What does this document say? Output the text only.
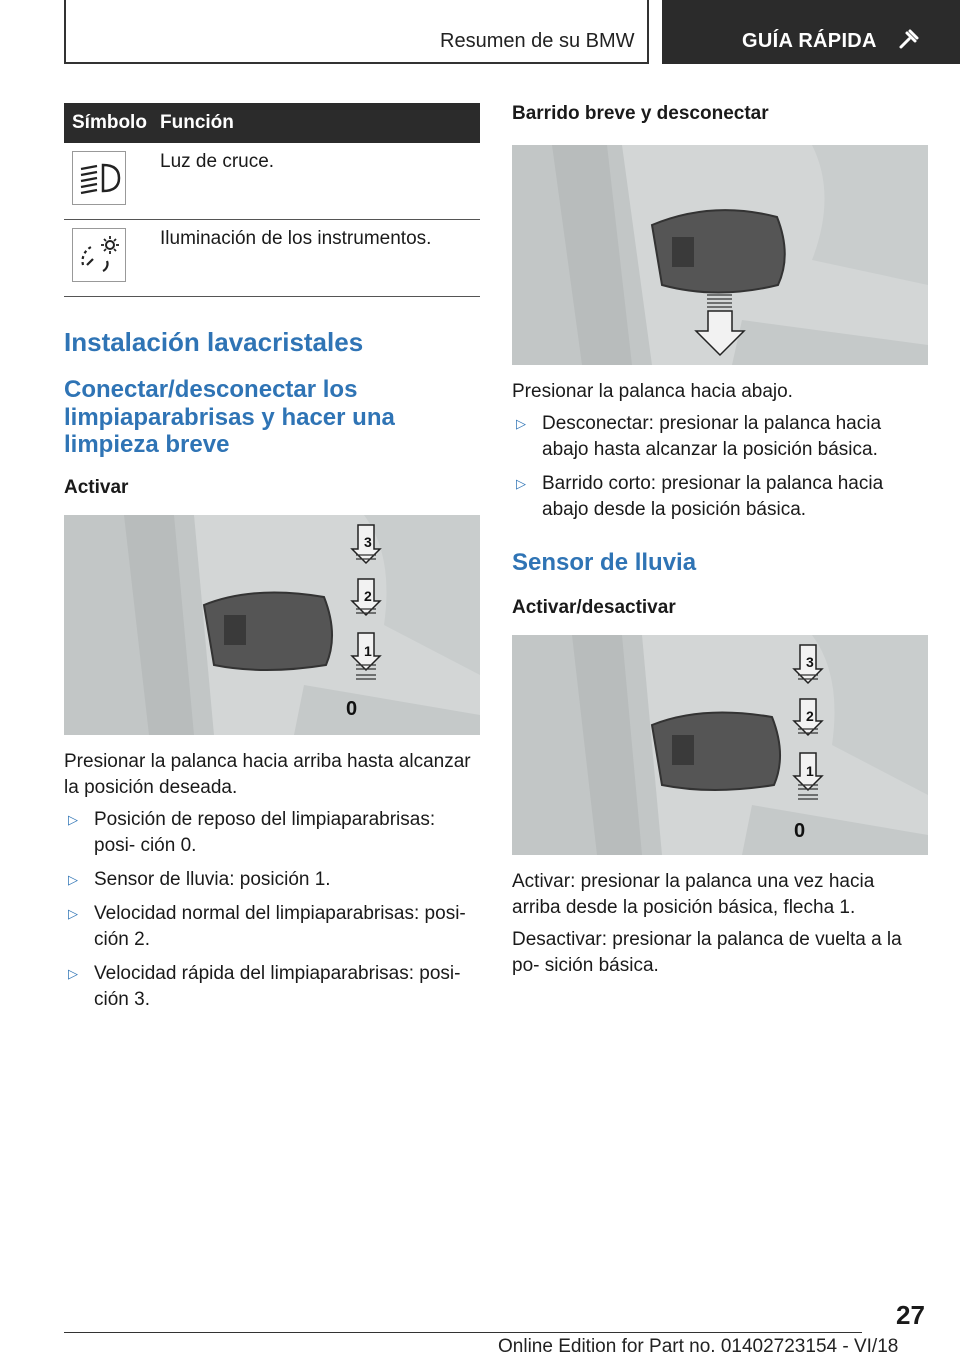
Resumen de su BMW	GUÍA RÁPIDA
Símbolo	Función

	Luz de cruce.

	Iluminación de los instrumentos.
Instalación lavacristales
Conectar/desconectar los limpiaparabrisas y hacer una limpieza breve
Activar
3
2
1
0

Presionar la palanca hacia arriba hasta alcanzar la posición deseada.

▷ Posición de reposo del limpiaparabrisas: posi‐ ción 0.
▷ Sensor de lluvia: posición 1.
▷ Velocidad normal del limpiaparabrisas: posi‐ ción 2.
▷ Velocidad rápida del limpiaparabrisas: posi‐ ción 3.
Barrido breve y desconectar

Presionar la palanca hacia abajo.

▷ Desconectar: presionar la palanca hacia abajo hasta alcanzar la posición básica.
▷ Barrido corto: presionar la palanca hacia abajo desde la posición básica.
Sensor de lluvia
Activar/desactivar
3
2
1
0

Activar: presionar la palanca una vez hacia arriba desde la posición básica, flecha 1.

Desactivar: presionar la palanca de vuelta a la po‐ sición básica.

27
Online Edition for Part no. 01402723154 - VI/18
